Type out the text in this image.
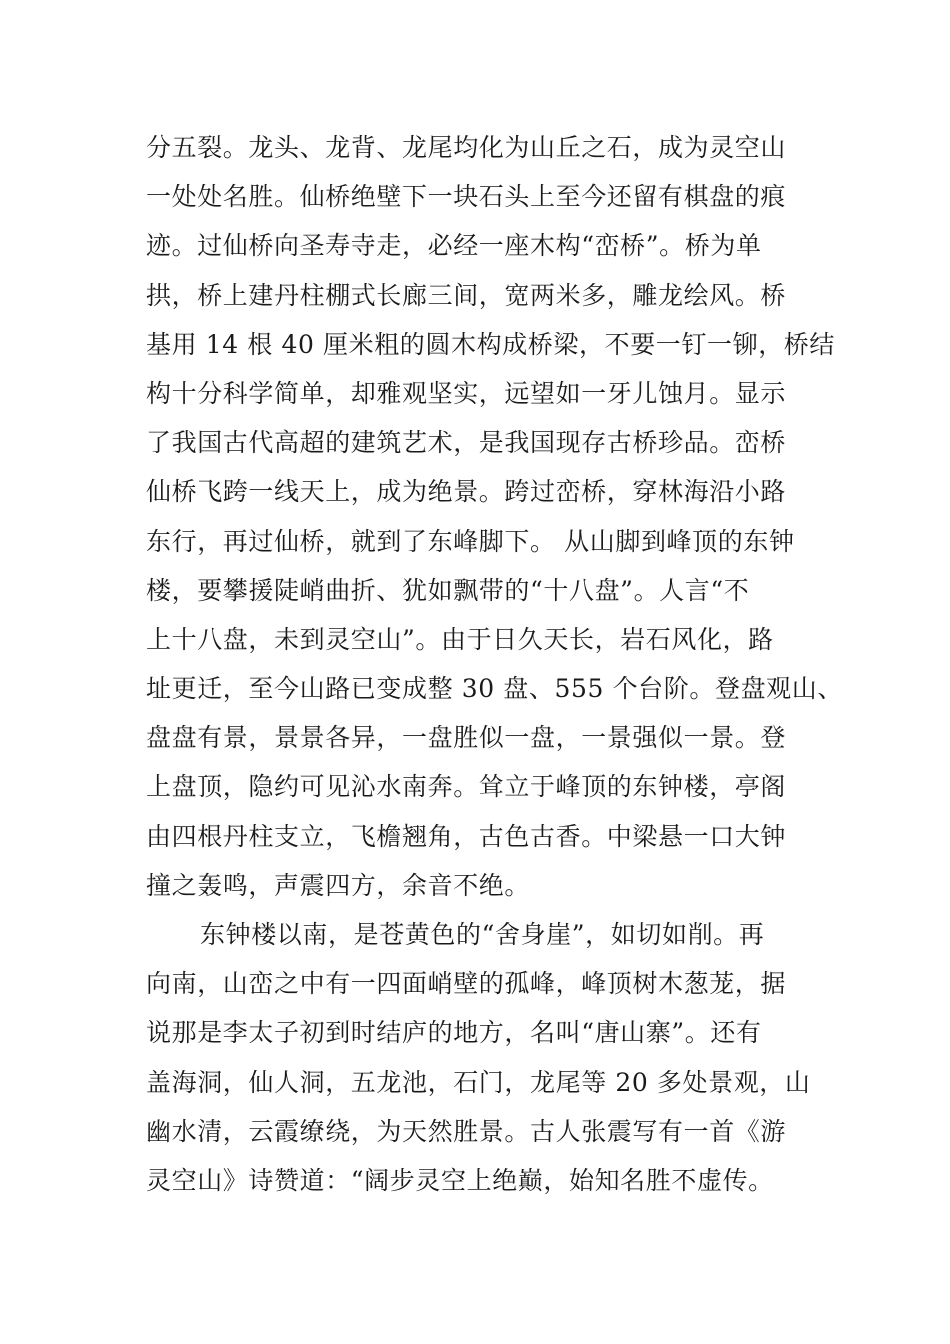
分五裂。龙头、龙背、龙尾均化为山丘之石，成为灵空山
一处处名胜。仙桥绝壁下一块石头上至今还留有棋盘的痕
迹。过仙桥向圣寿寺走，必经一座木构“峦桥”。桥为单
拱，桥上建丹柱棚式长廊三间，宽两米多，雕龙绘风。桥
基用 14 根 40 厘米粗的圆木构成桥梁，不要一钉一铆，桥结
构十分科学简单，却雅观坚实，远望如一牙儿蚀月。显示
了我国古代高超的建筑艺术，是我国现存古桥珍品。峦桥
仙桥飞跨一线天上，成为绝景。跨过峦桥，穿林海沿小路
东行，再过仙桥，就到了东峰脚下。 从山脚到峰顶的东钟
楼，要攀援陡峭曲折、犹如飘带的“十八盘”。人言“不
上十八盘，未到灵空山”。由于日久天长，岩石风化，路
址更迁，至今山路已变成整 30 盘、555 个台阶。登盘观山、
盘盘有景，景景各异，一盘胜似一盘，一景强似一景。登
上盘顶，隐约可见沁水南奔。耸立于峰顶的东钟楼，亭阁
由四根丹柱支立，飞檐翘角，古色古香。中梁悬一口大钟
撞之轰鸣，声震四方，余音不绝。
东钟楼以南，是苍黄色的“舍身崖”，如切如削。再
向南，山峦之中有一四面峭壁的孤峰，峰顶树木葱茏，据
说那是李太子初到时结庐的地方，名叫“唐山寨”。还有
盖海洞，仙人洞，五龙池，石门，龙尾等 20 多处景观，山
幽水清，云霞缭绕，为天然胜景。古人张震写有一首《游
灵空山》诗赞道：“阔步灵空上绝巅，始知名胜不虚传。
